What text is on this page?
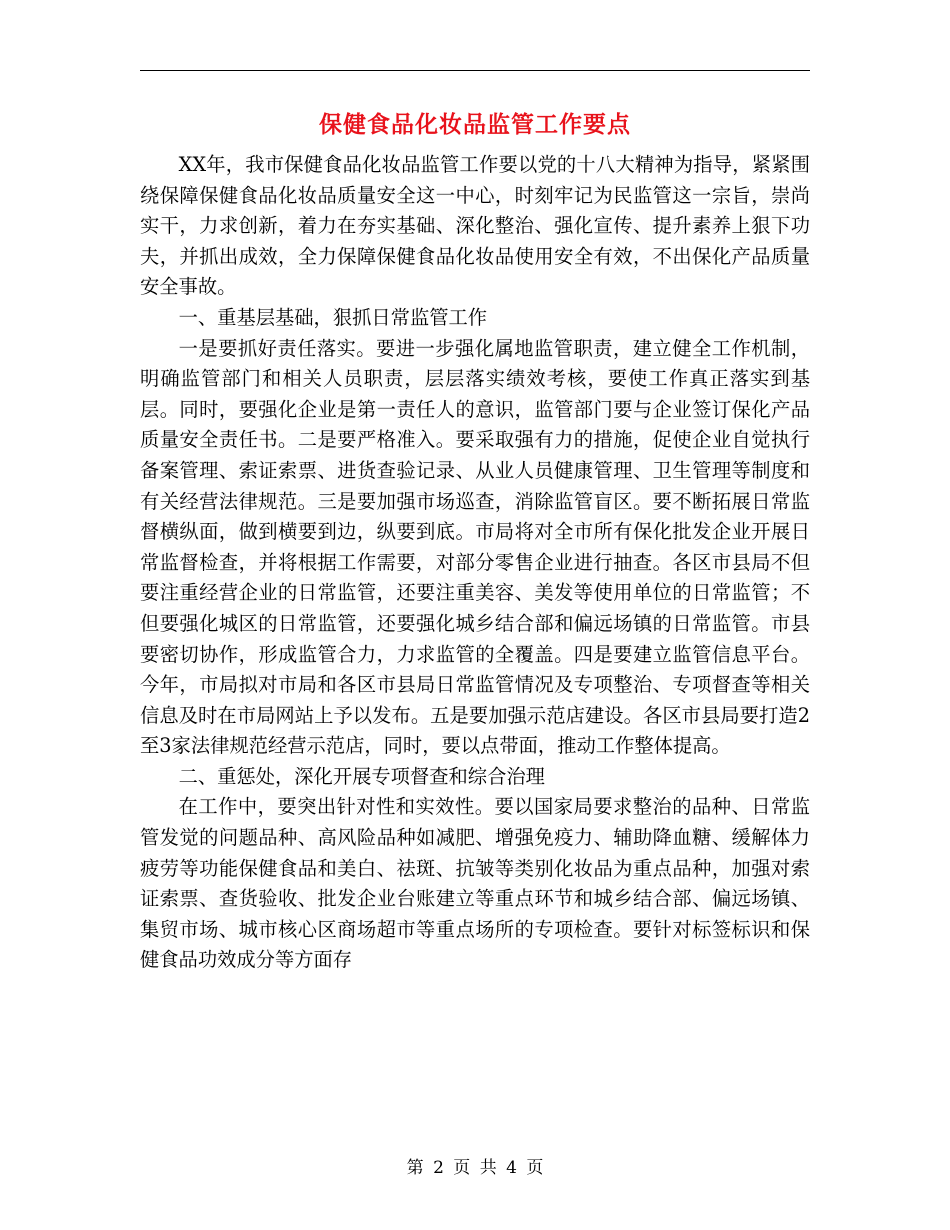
保健食品化妆品监管工作要点

XX年，我市保健食品化妆品监管工作要以党的十八大精神为指导，紧紧围绕保障保健食品化妆品质量安全这一中心，时刻牢记为民监管这一宗旨，崇尚实干，力求创新，着力在夯实基础、深化整治、强化宣传、提升素养上狠下功夫，并抓出成效，全力保障保健食品化妆品使用安全有效，不出保化产品质量安全事故。

一、重基层基础，狠抓日常监管工作

一是要抓好责任落实。要进一步强化属地监管职责，建立健全工作机制，明确监管部门和相关人员职责，层层落实绩效考核，要使工作真正落实到基层。同时，要强化企业是第一责任人的意识，监管部门要与企业签订保化产品质量安全责任书。二是要严格准入。要采取强有力的措施，促使企业自觉执行备案管理、索证索票、进货查验记录、从业人员健康管理、卫生管理等制度和有关经营法律规范。三是要加强市场巡查，消除监管盲区。要不断拓展日常监督横纵面，做到横要到边，纵要到底。市局将对全市所有保化批发企业开展日常监督检查，并将根据工作需要，对部分零售企业进行抽查。各区市县局不但要注重经营企业的日常监管，还要注重美容、美发等使用单位的日常监管；不但要强化城区的日常监管，还要强化城乡结合部和偏远场镇的日常监管。市县要密切协作，形成监管合力，力求监管的全覆盖。四是要建立监管信息平台。今年，市局拟对市局和各区市县局日常监管情况及专项整治、专项督查等相关信息及时在市局网站上予以发布。五是要加强示范店建设。各区市县局要打造2至3家法律规范经营示范店，同时，要以点带面，推动工作整体提高。

二、重惩处，深化开展专项督查和综合治理

在工作中，要突出针对性和实效性。要以国家局要求整治的品种、日常监管发觉的问题品种、高风险品种如减肥、增强免疫力、辅助降血糖、缓解体力疲劳等功能保健食品和美白、祛斑、抗皱等类别化妆品为重点品种，加强对索证索票、查货验收、批发企业台账建立等重点环节和城乡结合部、偏远场镇、集贸市场、城市核心区商场超市等重点场所的专项检查。要针对标签标识和保健食品功效成分等方面存

第 2 页 共 4 页
